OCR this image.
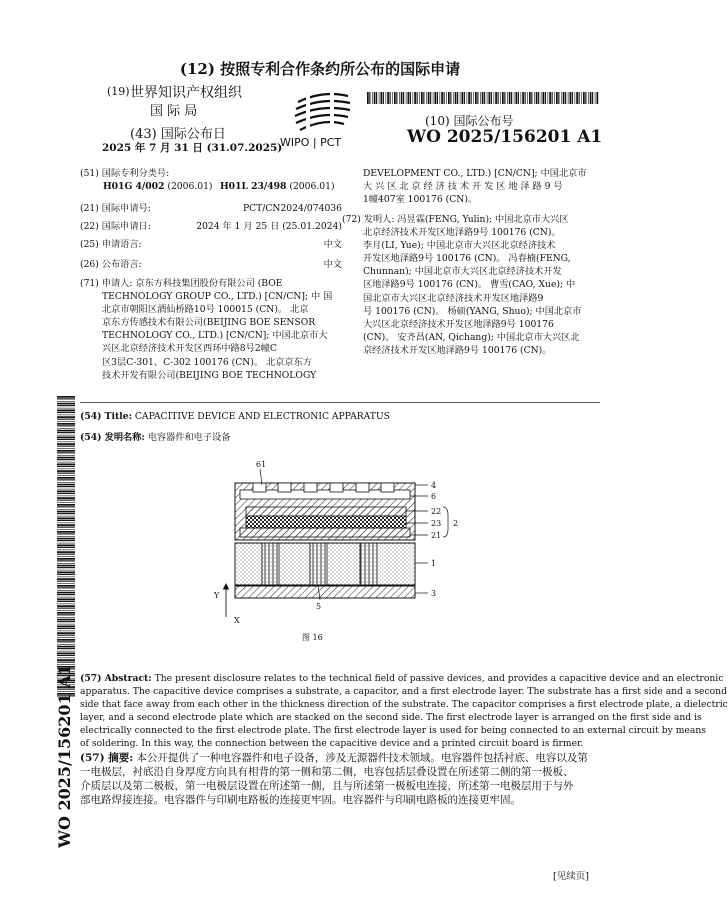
(12) 按照专利合作条约所公布的国际申请
(19) 世界知识产权组织
国 际 局
(43) 国际公布日
2025 年 7 月 31 日 (31.07.2025)
WIPO | PCT
(10) 国际公布号
WO 2025/156201 A1
(51) 国际专利分类号:
H01G 4/002 (2006.01) H01L 23/498 (2006.01)
(21) 国际申请号:	PCT/CN2024/074036
(22) 国际申请日:	2024 年 1 月 25 日 (25.01.2024)
(25) 申请语言:	中文
(26) 公布语言:	中文
(71) 申请人: 京东方科技集团股份有限公司 (BOE
TECHNOLOGY GROUP CO., LTD.) [CN/CN]; 中 国
北京市朝阳区酒仙桥路10号 100015 (CN)。 北京
京东方传感技术有限公司(BEIJING BOE SENSOR
TECHNOLOGY CO., LTD.) [CN/CN]; 中国北京市大
兴区北京经济技术开发区西环中路8号2幢C
区3层C-301、C-302 100176 (CN)。 北京京东方
技术开发有限公司(BEIJING BOE TECHNOLOGY
DEVELOPMENT CO., LTD.) [CN/CN]; 中国北京市
大 兴 区 北 京 经 济 技 术 开 发 区 地 泽 路 9 号
1幢407室 100176 (CN)。
(72) 发明人: 冯昱霖(FENG, Yulin); 中国北京市大兴区
北京经济技术开发区地泽路9号 100176 (CN)。
李月(LI, Yue); 中国北京市大兴区北京经济技术
开发区地泽路9号 100176 (CN)。 冯春楠(FENG,
Chunnan); 中国北京市大兴区北京经济技术开发
区地泽路9号 100176 (CN)。 曹雪(CAO, Xue); 中
国北京市大兴区北京经济技术开发区地泽路9
号 100176 (CN)。 杨硕(YANG, Shuo); 中国北京市
大兴区北京经济技术开发区地泽路9号 100176
(CN)。 安齐昌(AN, Qichang); 中国北京市大兴区北
京经济技术开发区地泽路9号 100176 (CN)。
WO 2025/156201 A1
(54) Title: CAPACITIVE DEVICE AND ELECTRONIC APPARATUS
(54) 发明名称: 电容器件和电子设备
61
4
6
22
23 2
21
1
3
5
Y
X
图 16
(57) Abstract: The present disclosure relates to the technical field of passive devices, and provides a capacitive device and an electronic
apparatus. The capacitive device comprises a substrate, a capacitor, and a first electrode layer. The substrate has a first side and a second
side that face away from each other in the thickness direction of the substrate. The capacitor comprises a first electrode plate, a dielectric
layer, and a second electrode plate which are stacked on the second side. The first electrode layer is arranged on the first side and is
electrically connected to the first electrode plate. The first electrode layer is used for being connected to an external circuit by means
of soldering. In this way, the connection between the capacitive device and a printed circuit board is firmer.
(57) 摘要: 本公开提供了一种电容器件和电子设备，涉及无源器件技术领域。电容器件包括衬底、电容以及第
一电极层，衬底沿自身厚度方向具有相背的第一侧和第二侧，电容包括层叠设置在所述第二侧的第一极板、
介质层以及第二极板，第一电极层设置在所述第一侧，且与所述第一极板电连接，所述第一电极层用于与外
部电路焊接连接。电容器件与印刷电路板的连接更牢固。电容器件与印刷电路板的连接更牢固。
[见续页]
